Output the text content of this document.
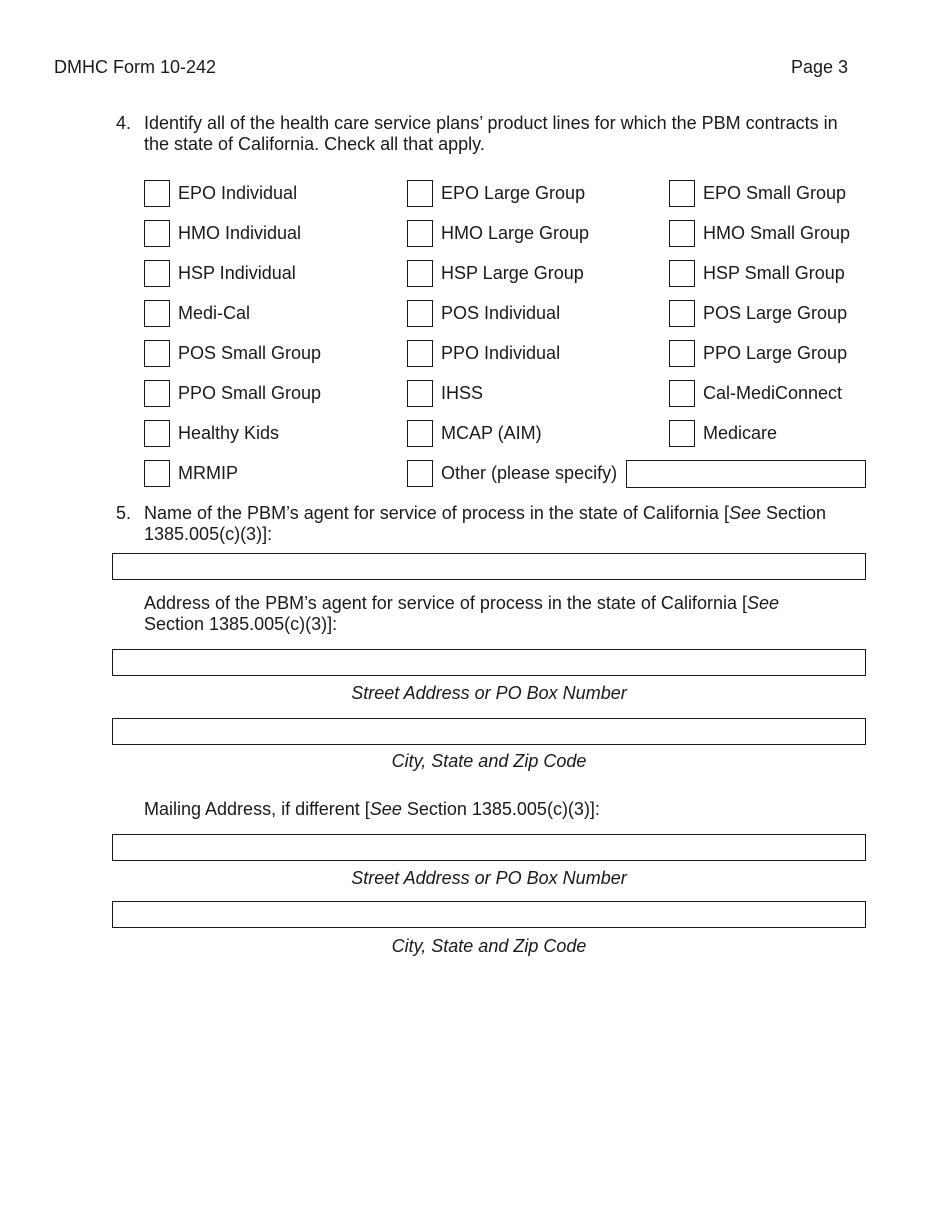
DMHC Form 10-242	Page 3
4. Identify all of the health care service plans’ product lines for which the PBM contracts in the state of California. Check all that apply.
EPO Individual	EPO Large Group	EPO Small Group
HMO Individual	HMO Large Group	HMO Small Group
HSP Individual	HSP Large Group	HSP Small Group
Medi-Cal	POS Individual	POS Large Group
POS Small Group	PPO Individual	PPO Large Group
PPO Small Group	IHSS	Cal-MediConnect
Healthy Kids	MCAP (AIM)	Medicare
MRMIP	Other (please specify)
5. Name of the PBM’s agent for service of process in the state of California [See Section 1385.005(c)(3)]:
Address of the PBM’s agent for service of process in the state of California [See Section 1385.005(c)(3)]:
Street Address or PO Box Number
City, State and Zip Code
Mailing Address, if different [See Section 1385.005(c)(3)]:
Street Address or PO Box Number
City, State and Zip Code
